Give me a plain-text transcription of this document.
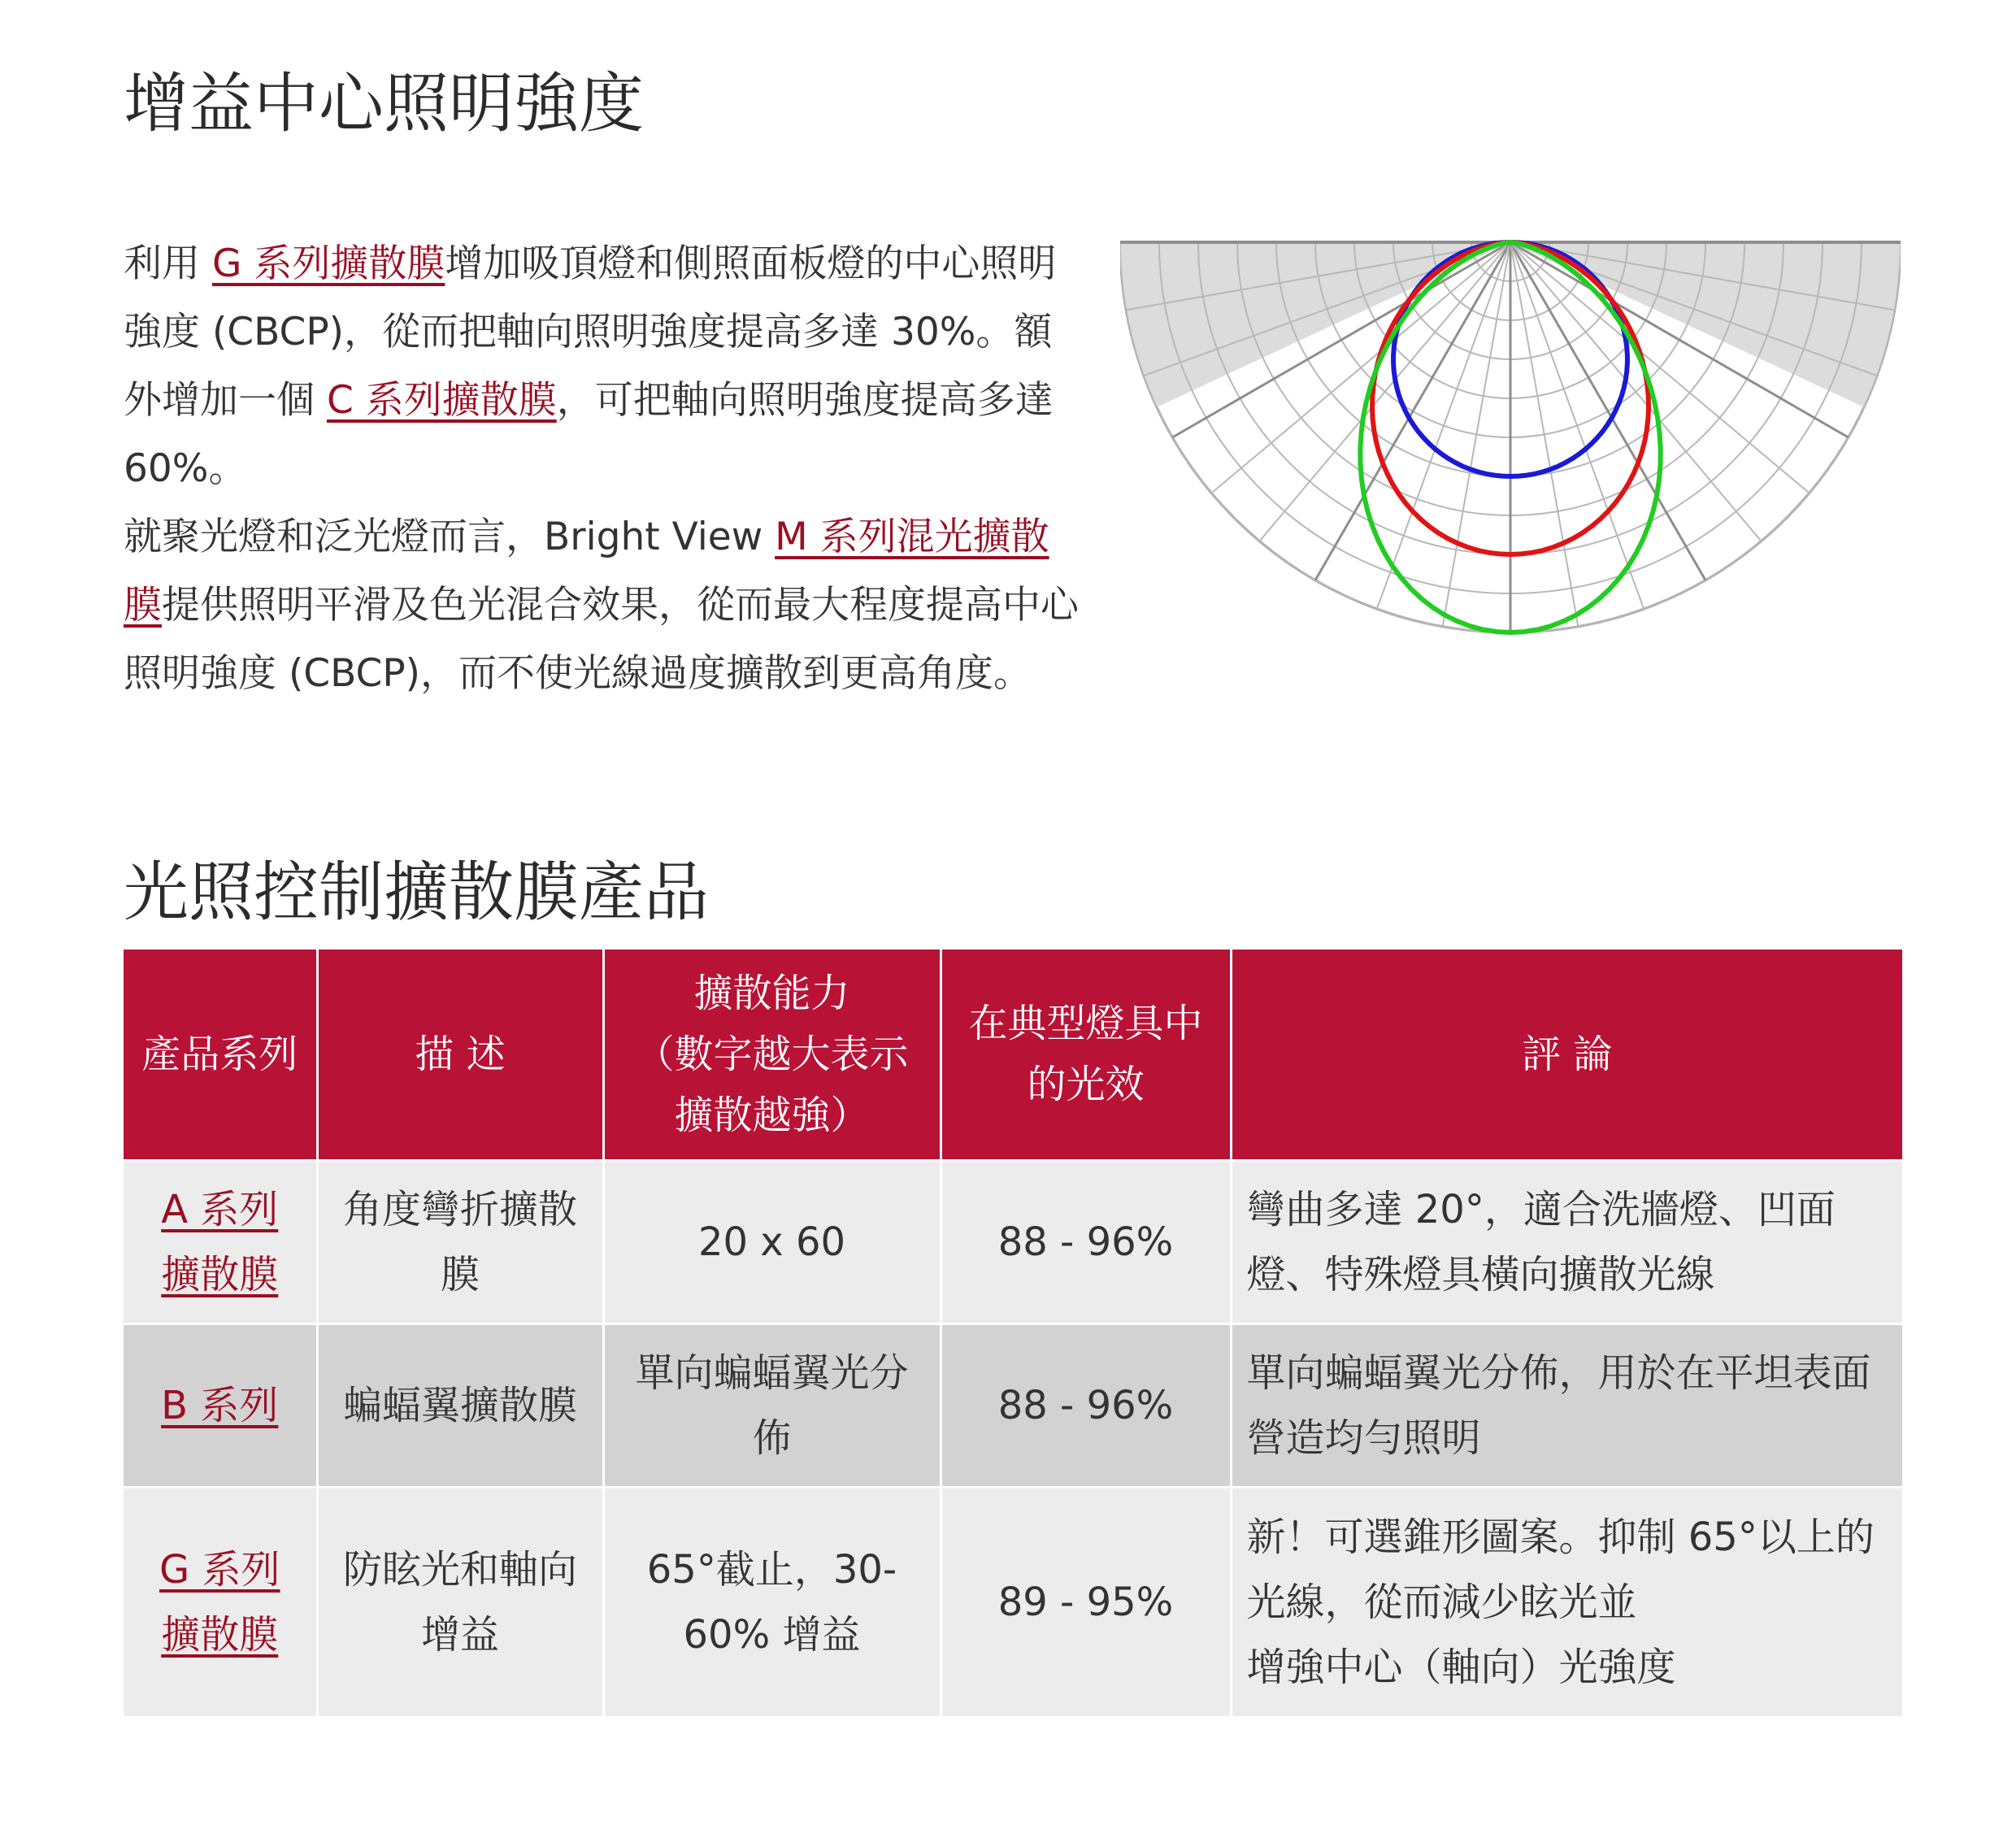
增益中心照明強度

利用 G 系列擴散膜增加吸頂燈和側照面板燈的中心照明強度 (CBCP)，從而把軸向照明強度提高多達 30%。額外增加一個 C 系列擴散膜，可把軸向照明強度提高多達 60%。

就聚光燈和泛光燈而言，Bright View M 系列混光擴散膜提供照明平滑及色光混合效果，從而最大程度提高中心照明強度 (CBCP)，而不使光線過度擴散到更高角度。

光照控制擴散膜產品
產品系列	描 述	擴散能力
（數字越大表示
擴散越強）	在典型燈具中
的光效	評 論
A 系列
擴散膜	角度彎折擴散膜	20 x 60	88 - 96%	彎曲多達 20°，適合洗牆燈、凹面燈、特殊燈具橫向擴散光線
B 系列	蝙蝠翼擴散膜	單向蝙蝠翼光分佈	88 - 96%	單向蝙蝠翼光分佈，用於在平坦表面營造均勻照明
G 系列
擴散膜	防眩光和軸向增益	65°截止，30-60% 增益	89 - 95%	新！可選錐形圖案。抑制 65°以上的光線，從而減少眩光並
增強中心（軸向）光強度
